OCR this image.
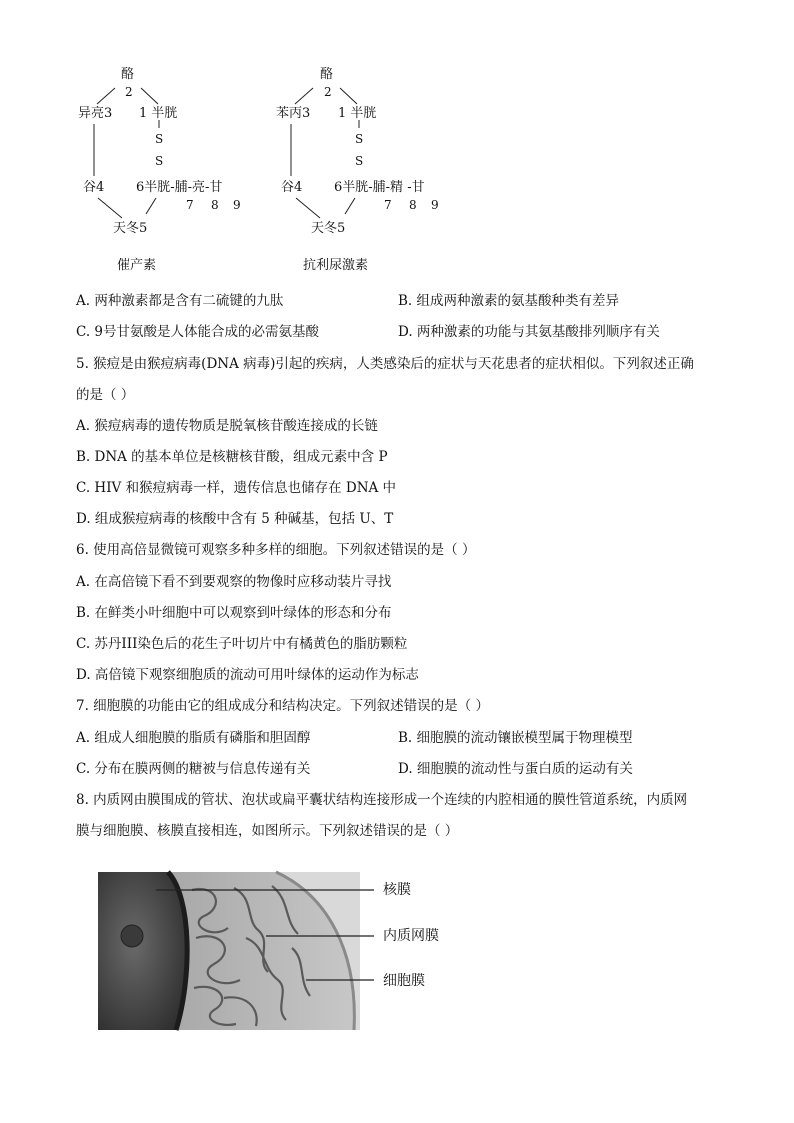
酪
2
异亮3 1 半胱
S
S
谷4 6半胱-脯-亮-甘
7 8 9
天冬5
催产素
酪
2
苯丙3 1 半胱
S
S
谷4 6半胱-脯-精 -甘
7 8 9
天冬5
抗利尿激素
A. 两种激素都是含有二硫键的九肽	B. 组成两种激素的氨基酸种类有差异
C. 9号甘氨酸是人体能合成的必需氨基酸	D. 两种激素的功能与其氨基酸排列顺序有关
5. 猴痘是由猴痘病毒(DNA 病毒)引起的疾病，人类感染后的症状与天花患者的症状相似。下列叙述正确
的是（ ）
A. 猴痘病毒的遗传物质是脱氧核苷酸连接成的长链
B. DNA 的基本单位是核糖核苷酸，组成元素中含 P
C. HIV 和猴痘病毒一样，遗传信息也储存在 DNA 中
D. 组成猴痘病毒的核酸中含有 5 种碱基，包括 U、T
6. 使用高倍显微镜可观察多种多样的细胞。下列叙述错误的是（ ）
A. 在高倍镜下看不到要观察的物像时应移动装片寻找
B. 在鲜类小叶细胞中可以观察到叶绿体的形态和分布
C. 苏丹III染色后的花生子叶切片中有橘黄色的脂肪颗粒
D. 高倍镜下观察细胞质的流动可用叶绿体的运动作为标志
7. 细胞膜的功能由它的组成成分和结构决定。下列叙述错误的是（ ）
A. 组成人细胞膜的脂质有磷脂和胆固醇	B. 细胞膜的流动镶嵌模型属于物理模型
C. 分布在膜两侧的糖被与信息传递有关	D. 细胞膜的流动性与蛋白质的运动有关
8. 内质网由膜围成的管状、泡状或扁平囊状结构连接形成一个连续的内腔相通的膜性管道系统，内质网
膜与细胞膜、核膜直接相连，如图所示。下列叙述错误的是（ ）
核膜
内质网膜
细胞膜
